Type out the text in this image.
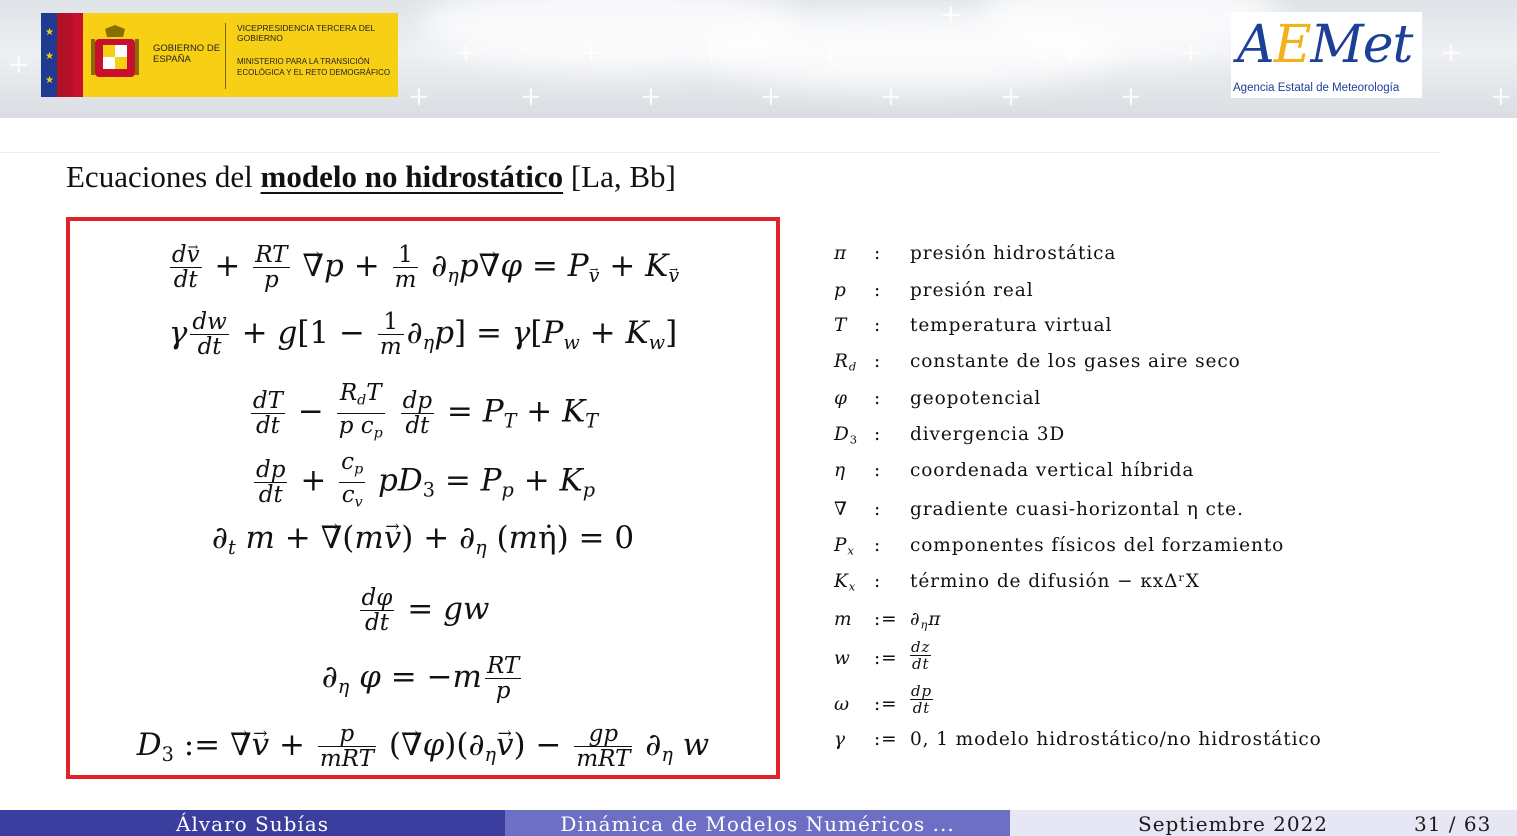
+
+
+
+
+
+
+
+
+
+
+
+
+
+
+	+
+
★
★
★
GOBIERNO DE ESPAÑA
VICEPRESIDENCIA TERCERA DEL GOBIERNO
MINISTERIO PARA LA TRANSICIÓN ECOLÓGICA Y EL RETO DEMOGRÁFICO	AEMet
Agencia Estatal de Meteorología
Ecuaciones del modelo no hidrostático [La, Bb]
$\frac{d\to v}{dt} + \frac{RT}{p}$
→ $\nabla p + \frac{1}{m} \partial_\eta p\to \nabla\varphi = P\to _v + K\to _v$
γ $\frac{dw}{dt} + g[1 - \frac{1}{m} \partial_\eta p] = \gamma[P_w + K_w]$
$\frac{dT}{dt} - \frac{R_dT}{p c_p}$
$\frac{dp}{dt} = P_T + K_T$
$\frac{dp}{dt} + \frac{c_p}{c_v} pD_3 = P_p + K_p$
$\partial_t$ m + → $\nabla(m\to v) + \partial_\eta$ (mη̇) = 0
$\frac{d\varphi}{dt}$ = gw
$\partial_\eta$ $\varphi = -m \frac{RT}{p}$
$D_3$ := → ∇→ $v + \frac{p}{\text{mRT}}$ (→ $\nabla\varphi)(\partial_\eta\to v) - \frac{gp}{\text{mRT}} \partial_\eta$ w
π	: presión hidrostática
p	: presión real
T	: temperatura virtual
$R_d$ : constante de los gases aire seco
φ	: geopotencial
$D_3$ : divergencia 3D
η	: coordenada vertical híbrida
→ ∇	: gradiente cuasi-horizontal η cte.
$P_x$	: componentes físicos del forzamiento
$K_x$ : término de difusión − κxΔʳX
m	:= $\partial_\eta\pi$
w	:= $\frac{dz}{dt}$
ω	:= $\frac{dp}{dt}$
γ	:= 0, 1 modelo hidrostático/no hidrostático
Álvaro Subías	Dinámica de Modelos Numéricos ...	Septiembre 2022	31 / 63
